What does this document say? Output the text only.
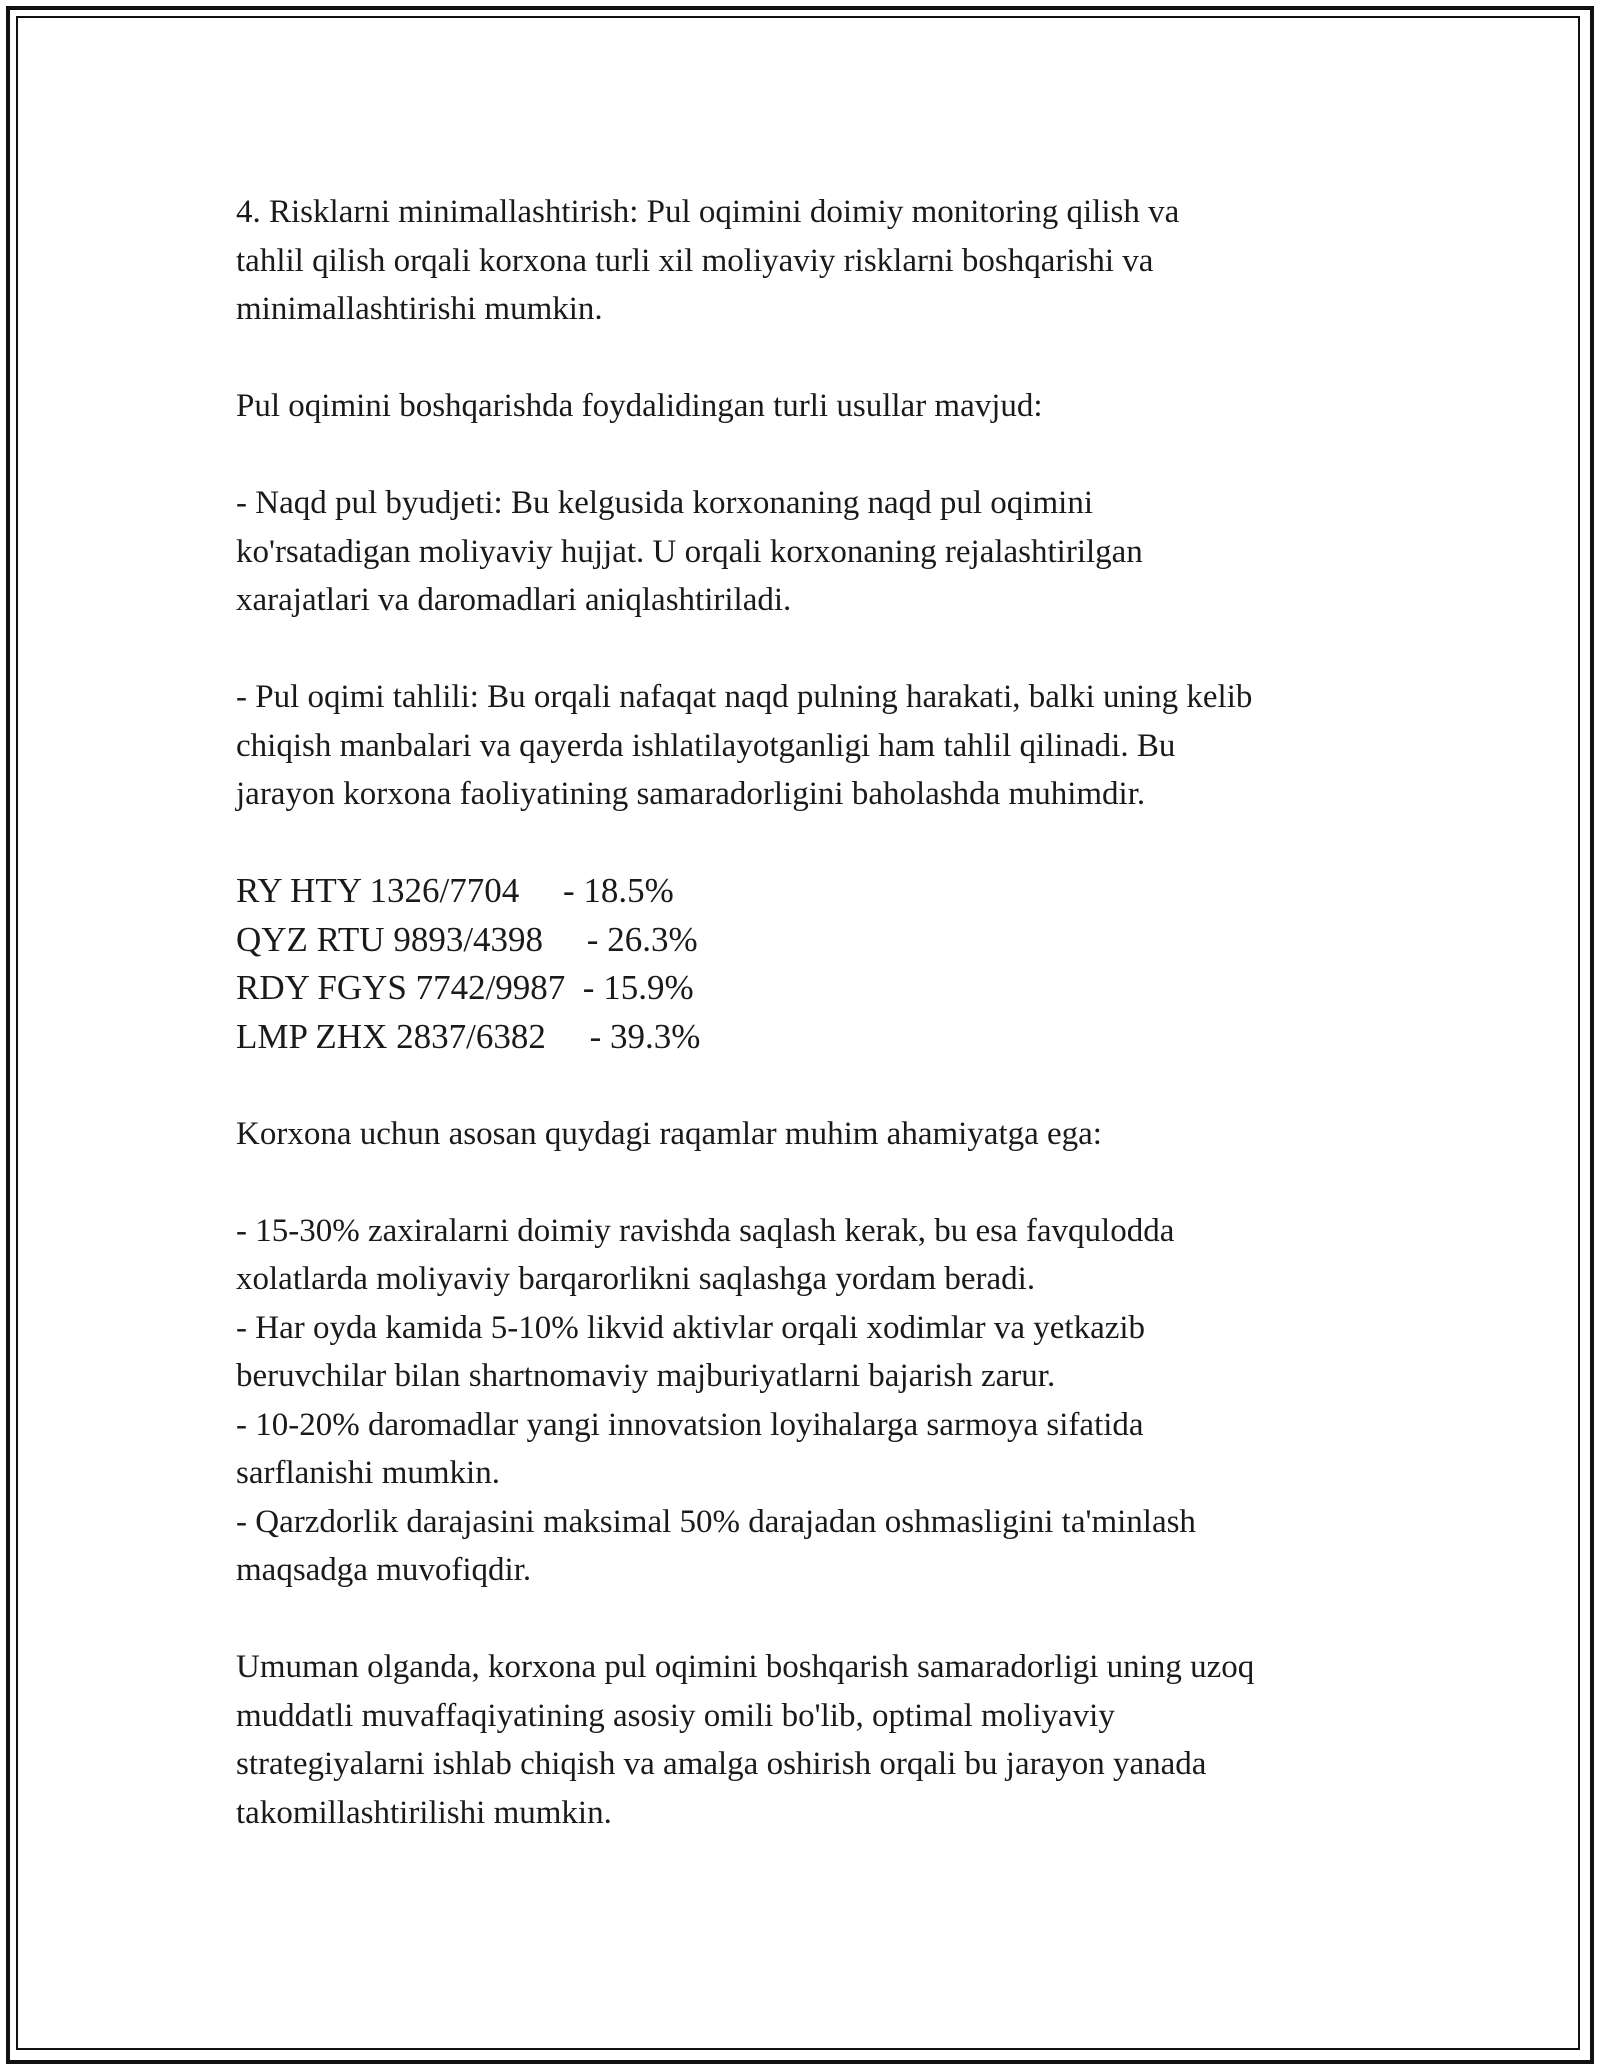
4. Risklarni minimallashtirish: Pul oqimini doimiy monitoring qilish va
tahlil qilish orqali korxona turli xil moliyaviy risklarni boshqarishi va
minimallashtirishi mumkin.
Pul oqimini boshqarishda foydalidingan turli usullar mavjud:
- Naqd pul byudjeti: Bu kelgusida korxonaning naqd pul oqimini
ko'rsatadigan moliyaviy hujjat. U orqali korxonaning rejalashtirilgan
xarajatlari va daromadlari aniqlashtiriladi.
- Pul oqimi tahlili: Bu orqali nafaqat naqd pulning harakati, balki uning kelib
chiqish manbalari va qayerda ishlatilayotganligi ham tahlil qilinadi. Bu
jarayon korxona faoliyatining samaradorligini baholashda muhimdir.
RY HTY 1326/7704     - 18.5%
QYZ RTU 9893/4398     - 26.3%
RDY FGYS 7742/9987  - 15.9%
LMP ZHX 2837/6382     - 39.3%
Korxona uchun asosan quydagi raqamlar muhim ahamiyatga ega:
- 15-30% zaxiralarni doimiy ravishda saqlash kerak, bu esa favqulodda
xolatlarda moliyaviy barqarorlikni saqlashga yordam beradi.
- Har oyda kamida 5-10% likvid aktivlar orqali xodimlar va yetkazib
beruvchilar bilan shartnomaviy majburiyatlarni bajarish zarur.
- 10-20% daromadlar yangi innovatsion loyihalarga sarmoya sifatida
sarflanishi mumkin.
- Qarzdorlik darajasini maksimal 50% darajadan oshmasligini ta'minlash
maqsadga muvofiqdir.
Umuman olganda, korxona pul oqimini boshqarish samaradorligi uning uzoq
muddatli muvaffaqiyatining asosiy omili bo'lib, optimal moliyaviy
strategiyalarni ishlab chiqish va amalga oshirish orqali bu jarayon yanada
takomillashtirilishi mumkin.
